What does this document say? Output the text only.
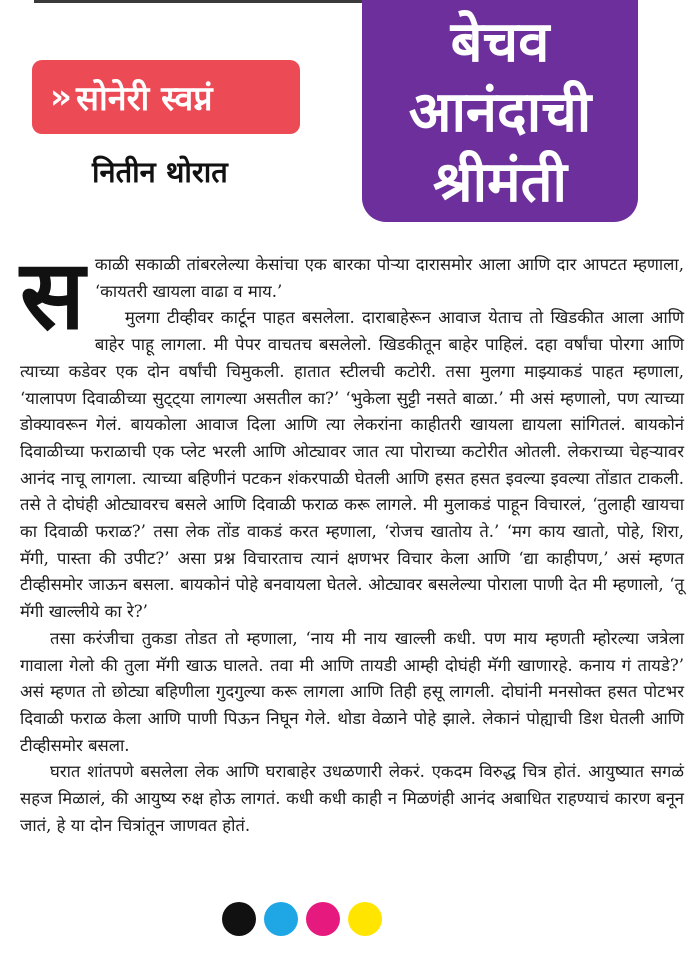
» सोनेरी स्वप्नं
नितीन थोरात
बेचव
आनंदाची
श्रीमंती

स काळी सकाळी तांबरलेल्या केसांचा एक बारका पोऱ्या दारासमोर आला आणि दार आपटत म्हणाला, ‘कायतरी खायला वाढा व माय.’

मुलगा टीव्हीवर कार्टून पाहत बसलेला. दाराबाहेरून आवाज येताच तो खिडकीत आला आणि बाहेर पाहू लागला. मी पेपर वाचतच बसलेलो. खिडकीतून बाहेर पाहिलं. दहा वर्षांचा पोरगा आणि त्याच्या कडेवर एक दोन वर्षांची चिमुकली. हातात स्टीलची कटोरी. तसा मुलगा माझ्याकडं पाहत म्हणाला, ‘यालापण दिवाळीच्या सुट्ट्या लागल्या असतील का?’ ‘भुकेला सुट्टी नसते बाळा.’ मी असं म्हणालो, पण त्याच्या डोक्यावरून गेलं. बायकोला आवाज दिला आणि त्या लेकरांना काहीतरी खायला द्यायला सांगितलं. बायकोनं दिवाळीच्या फराळाची एक प्लेट भरली आणि ओट्यावर जात त्या पोराच्या कटोरीत ओतली. लेकराच्या चेहऱ्यावर आनंद नाचू लागला. त्याच्या बहिणीनं पटकन शंकरपाळी घेतली आणि हसत हसत इवल्या इवल्या तोंडात टाकली. तसे ते दोघंही ओट्यावरच बसले आणि दिवाळी फराळ करू लागले. मी मुलाकडं पाहून विचारलं, ‘तुलाही खायचा का दिवाळी फराळ?’ तसा लेक तोंड वाकडं करत म्हणाला, ‘रोजच खातोय ते.’ ‘मग काय खातो, पोहे, शिरा, मॅगी, पास्ता की उपीट?’ असा प्रश्न विचारताच त्यानं क्षणभर विचार केला आणि ‘द्या काहीपण,’ असं म्हणत टीव्हीसमोर जाऊन बसला. बायकोनं पोहे बनवायला घेतले. ओट्यावर बसलेल्या पोराला पाणी देत मी म्हणालो, ‘तू मॅगी खाल्लीये का रे?’

तसा करंजीचा तुकडा तोडत तो म्हणाला, ‘नाय मी नाय खाल्ली कधी. पण माय म्हणती म्होरल्या जत्रेला गावाला गेलो की तुला मॅगी खाऊ घालते. तवा मी आणि तायडी आम्ही दोघंही मॅगी खाणारहे. कनाय गं तायडे?’ असं म्हणत तो छोट्या बहिणीला गुदगुल्या करू लागला आणि तिही हसू लागली. दोघांनी मनसोक्त हसत पोटभर दिवाळी फराळ केला आणि पाणी पिऊन निघून गेले. थोडा वेळाने पोहे झाले. लेकानं पोह्याची डिश घेतली आणि टीव्हीसमोर बसला.

घरात शांतपणे बसलेला लेक आणि घराबाहेर उधळणारी लेकरं. एकदम विरुद्ध चित्र होतं. आयुष्यात सगळं सहज मिळालं, की आयुष्य रुक्ष होऊ लागतं. कधी कधी काही न मिळणंही आनंद अबाधित राहण्याचं कारण बनून जातं, हे या दोन चित्रांतून जाणवत होतं.
